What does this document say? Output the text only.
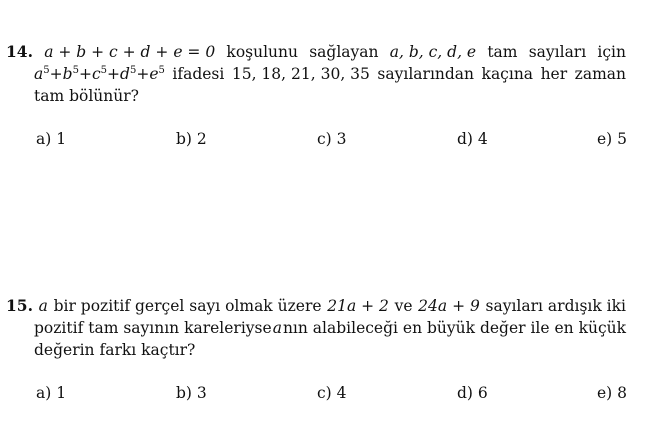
14. a + b + c + d + e = 0 koşulunu sağlayan a, b, c, d, e tam sayıları için
$a^5+b^5+c^5+d^5+e^5$ ifadesi 15, 18, 21, 30, 35 sayılarından kaçına her zaman
tam bölünür?
a) 1	b) 2	c) 3	d) 4	e) 5
15. a bir pozitif gerçel sayı olmak üzere 21a + 2 ve 24a + 9 sayıları ardışık iki
pozitif tam sayının kareleriyse a nın alabileceği en büyük değer ile en küçük
değerin farkı kaçtır?
a) 1	b) 3	c) 4	d) 6	e) 8
